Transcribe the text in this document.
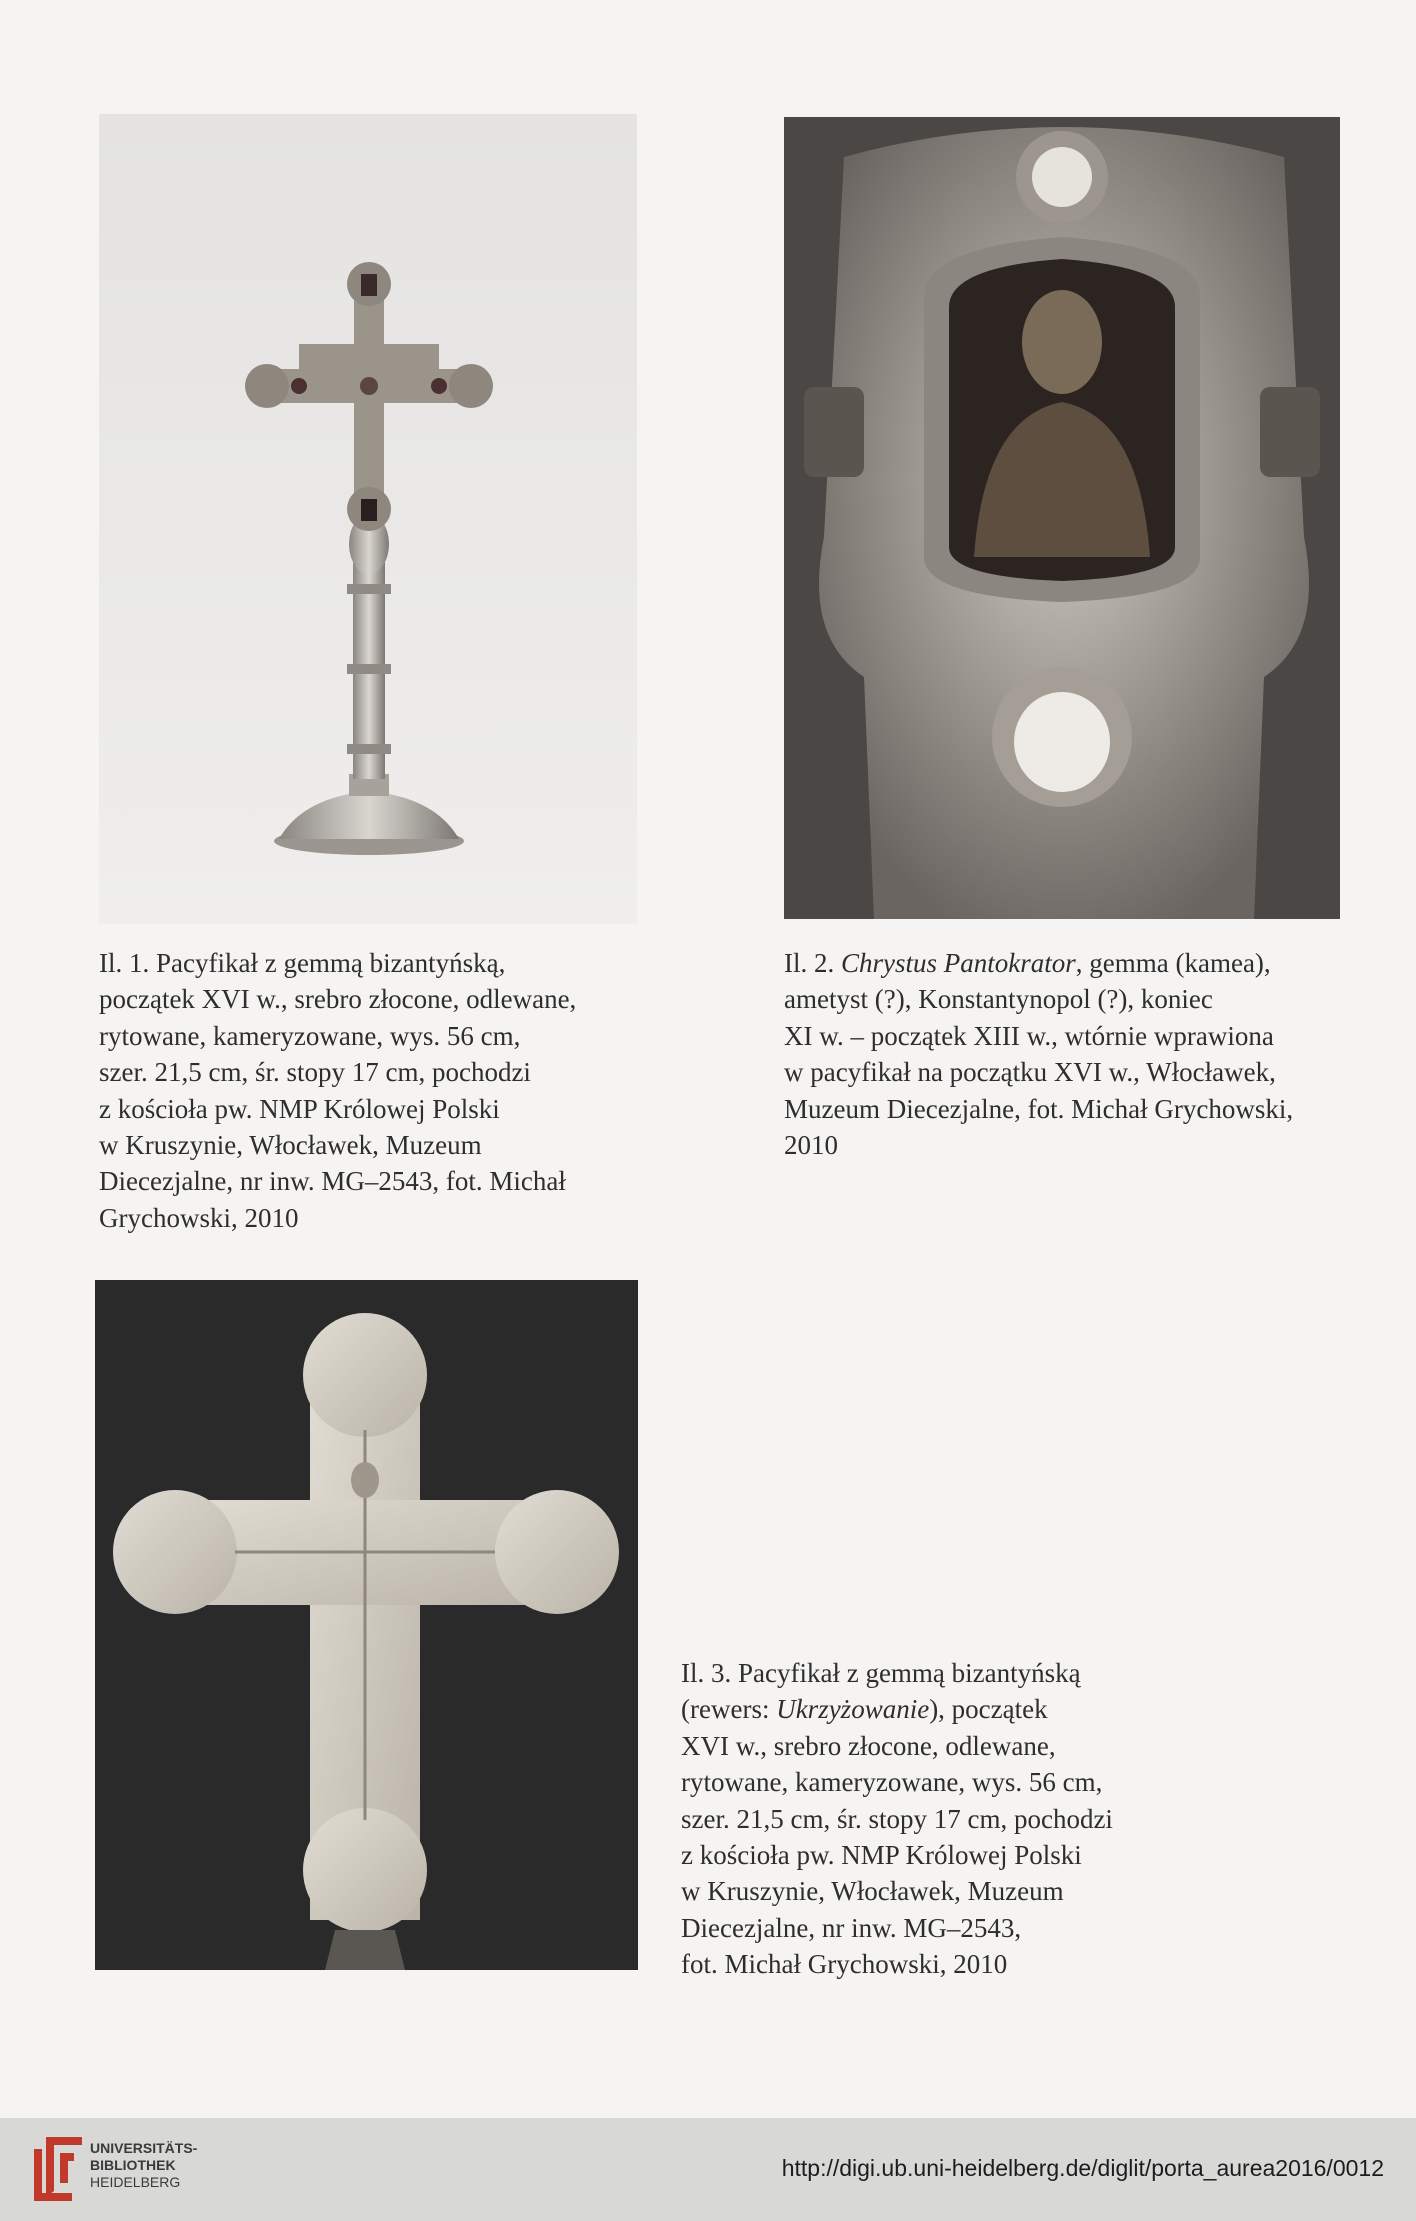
Il. 1. Pacyfikał z gemmą bizantyńską,

początek XVI w., srebro złocone, odlewane,

rytowane, kameryzowane, wys. 56 cm,

szer. 21,5 cm, śr. stopy 17 cm, pochodzi

z kościoła pw. NMP Królowej Polski

w Kruszynie, Włocławek, Muzeum

Diecezjalne, nr inw. MG–2543, fot. Michał

Grychowski, 2010

Il. 2. Chrystus Pantokrator, gemma (kamea),

ametyst (?), Konstantynopol (?), koniec

XI w. – początek XIII w., wtórnie wprawiona

w pacyfikał na początku XVI w., Włocławek,

Muzeum Diecezjalne, fot. Michał Grychowski,

2010

Il. 3. Pacyfikał z gemmą bizantyńską

(rewers: Ukrzyżowanie), początek

XVI w., srebro złocone, odlewane,

rytowane, kameryzowane, wys. 56 cm,

szer. 21,5 cm, śr. stopy 17 cm, pochodzi

z kościoła pw. NMP Królowej Polski

w Kruszynie, Włocławek, Muzeum

Diecezjalne, nr inw. MG–2543,

fot. Michał Grychowski, 2010

UNIVERSITÄTS-
BIBLIOTHEK
HEIDELBERG
http://digi.ub.uni-heidelberg.de/diglit/porta_aurea2016/0012
